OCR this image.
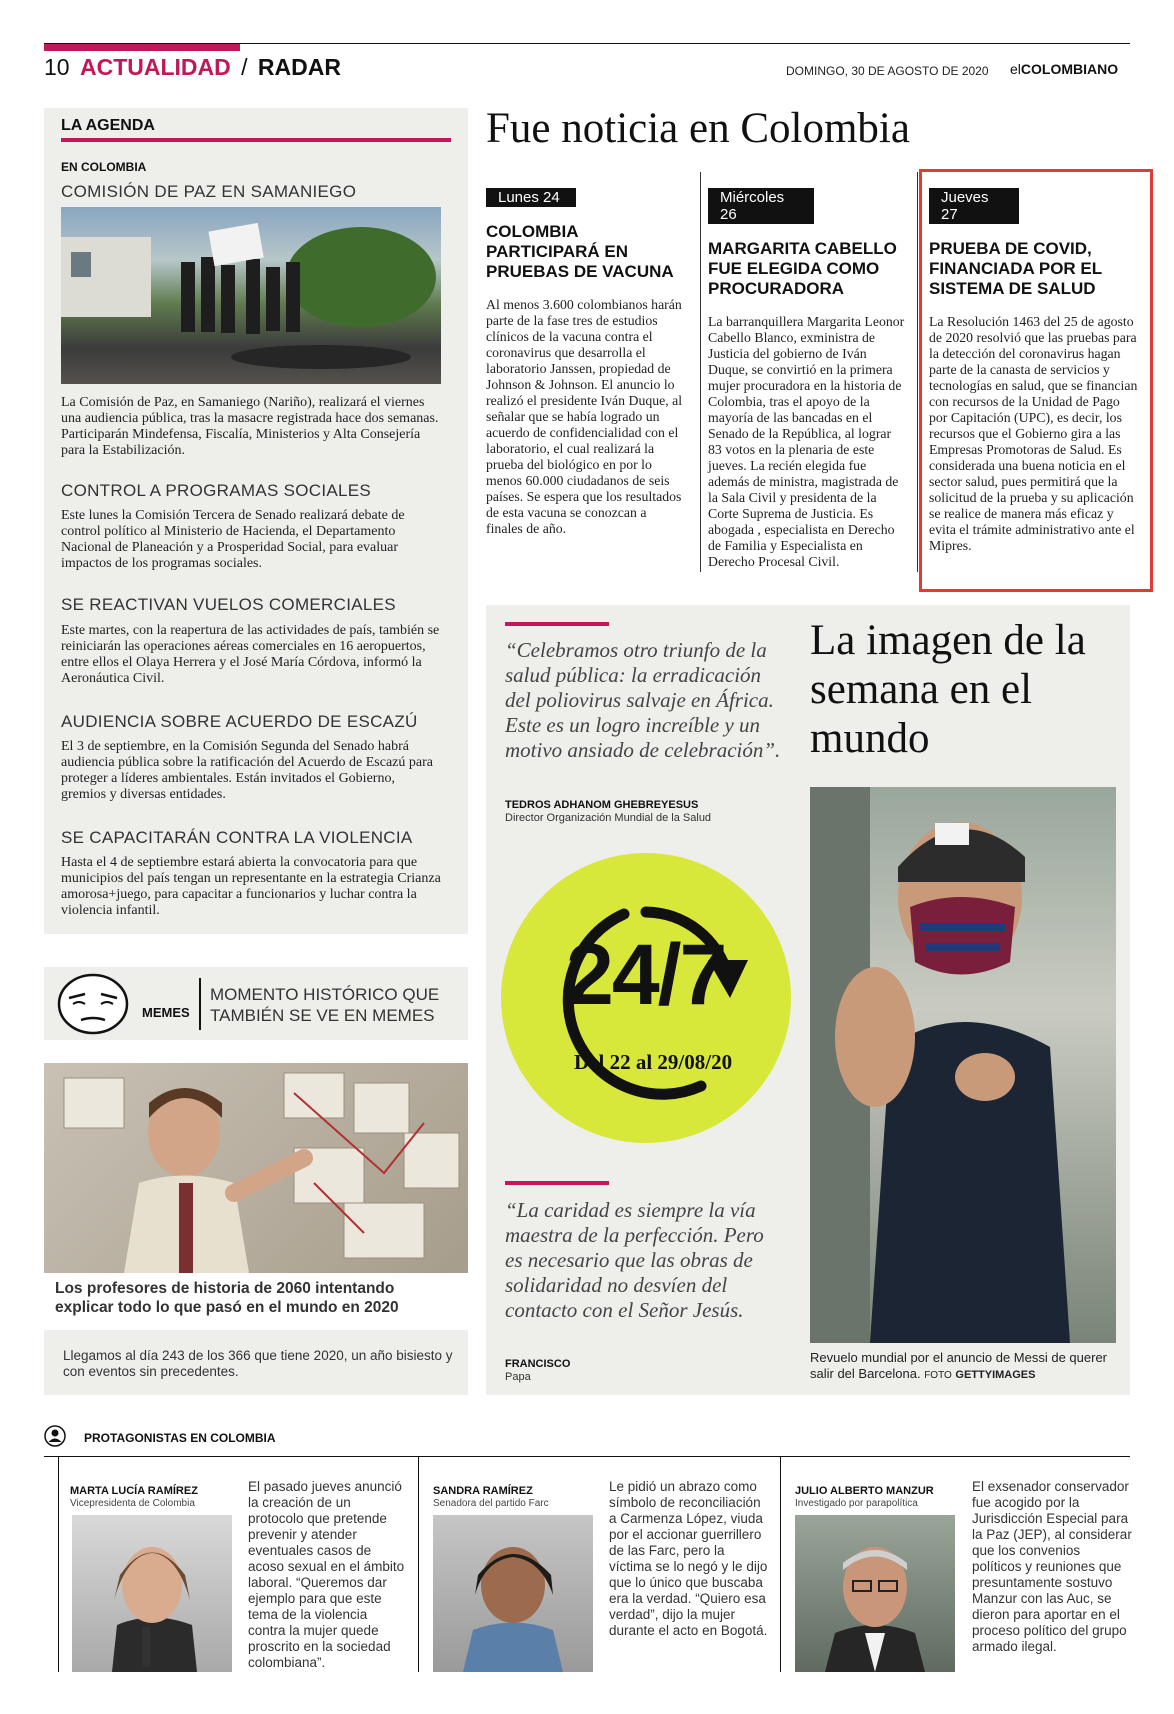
10 ACTUALIDAD / RADAR	DOMINGO, 30 DE AGOSTO DE 2020 elCOLOMBIANO
LA AGENDA
EN COLOMBIA
COMISIÓN DE PAZ EN SAMANIEGO
La Comisión de Paz, en Samaniego (Nariño), realizará el viernes una audiencia pública, tras la masacre registrada hace dos semanas. Participarán Mindefensa, Fiscalía, Ministerios y Alta Consejería para la Estabilización.
CONTROL A PROGRAMAS SOCIALES
Este lunes la Comisión Tercera de Senado realizará debate de control político al Ministerio de Hacienda, el Departamento Nacional de Planeación y a Prosperidad Social, para evaluar impactos de los programas sociales.
SE REACTIVAN VUELOS COMERCIALES
Este martes, con la reapertura de las actividades de país, también se reiniciarán las operaciones aéreas comerciales en 16 aeropuertos, entre ellos el Olaya Herrera y el José María Córdova, informó la Aeronáutica Civil.
AUDIENCIA SOBRE ACUERDO DE ESCAZÚ
El 3 de septiembre, en la Comisión Segunda del Senado habrá audiencia pública sobre la ratificación del Acuerdo de Escazú para proteger a líderes ambientales. Están invitados el Gobierno, gremios y diversas entidades.
SE CAPACITARÁN CONTRA LA VIOLENCIA
Hasta el 4 de septiembre estará abierta la convocatoria para que municipios del país tengan un representante en la estrategia Crianza amorosa+juego, para capacitar a funcionarios y luchar contra la violencia infantil.
Fue noticia en Colombia
Lunes 24
COLOMBIA PARTICIPARÁ EN PRUEBAS DE VACUNA
Al menos 3.600 colombianos harán parte de la fase tres de estudios clínicos de la vacuna contra el coronavirus que desarrolla el laboratorio Janssen, propiedad de Johnson & Johnson. El anuncio lo realizó el presidente Iván Duque, al señalar que se había logrado un acuerdo de confidencialidad con el laboratorio, el cual realizará la prueba del biológico en por lo menos 60.000 ciudadanos de seis países. Se espera que los resultados de esta vacuna se conozcan a finales de año.
Miércoles 26
MARGARITA CABELLO FUE ELEGIDA COMO PROCURADORA
La barranquillera Margarita Leonor Cabello Blanco, exministra de Justicia del gobierno de Iván Duque, se convirtió en la primera mujer procuradora en la historia de Colombia, tras el apoyo de la mayoría de las bancadas en el Senado de la República, al lograr 83 votos en la plenaria de este jueves. La recién elegida fue además de ministra, magistrada de la Sala Civil y presidenta de la Corte Suprema de Justicia. Es abogada , especialista en Derecho de Familia y Especialista en Derecho Procesal Civil.
Jueves 27
PRUEBA DE COVID, FINANCIADA POR EL SISTEMA DE SALUD
La Resolución 1463 del 25 de agosto de 2020 resolvió que las pruebas para la detección del coronavirus hagan parte de la canasta de servicios y tecnologías en salud, que se financian con recursos de la Unidad de Pago por Capitación (UPC), es decir, los recursos que el Gobierno gira a las Empresas Promotoras de Salud. Es considerada una buena noticia en el sector salud, pues permitirá que la solicitud de la prueba y su aplicación se realice de manera más eficaz y evita el trámite administrativo ante el Mipres.
“Celebramos otro triunfo de la salud pública: la erradicación del poliovirus salvaje en África. Este es un logro increíble y un motivo ansiado de celebración”.
TEDROS ADHANOM GHEBREYESUS
Director Organización Mundial de la Salud
24/7
Del 22 al 29/08/20
“La caridad es siempre la vía maestra de la perfección. Pero es necesario que las obras de solidaridad no desvíen del contacto con el Señor Jesús.
FRANCISCO
Papa
La imagen de la semana en el mundo
Revuelo mundial por el anuncio de Messi de querer salir del Barcelona. FOTO GETTYIMAGES
MEMES
MOMENTO HISTÓRICO QUE TAMBIÉN SE VE EN MEMES
Los profesores de historia de 2060 intentando explicar todo lo que pasó en el mundo en 2020
Llegamos al día 243 de los 366 que tiene 2020, un año bisiesto y con eventos sin precedentes.
PROTAGONISTAS EN COLOMBIA
MARTA LUCÍA RAMÍREZ
Vicepresidenta de Colombia
El pasado jueves anunció la creación de un protocolo que pretende prevenir y atender eventuales casos de acoso sexual en el ámbito laboral. “Queremos dar ejemplo para que este tema de la violencia contra la mujer quede proscrito en la sociedad colombiana”.
SANDRA RAMÍREZ
Senadora del partido Farc
Le pidió un abrazo como símbolo de reconciliación a Carmenza López, viuda por el accionar guerrillero de las Farc, pero la víctima se lo negó y le dijo que lo único que buscaba era la verdad. “Quiero esa verdad”, dijo la mujer durante el acto en Bogotá.
JULIO ALBERTO MANZUR
Investigado por parapolítica
El exsenador conservador fue acogido por la Jurisdicción Especial para la Paz (JEP), al considerar que los convenios políticos y reuniones que presuntamente sostuvo Manzur con las Auc, se dieron para aportar en el proceso político del grupo armado ilegal.
